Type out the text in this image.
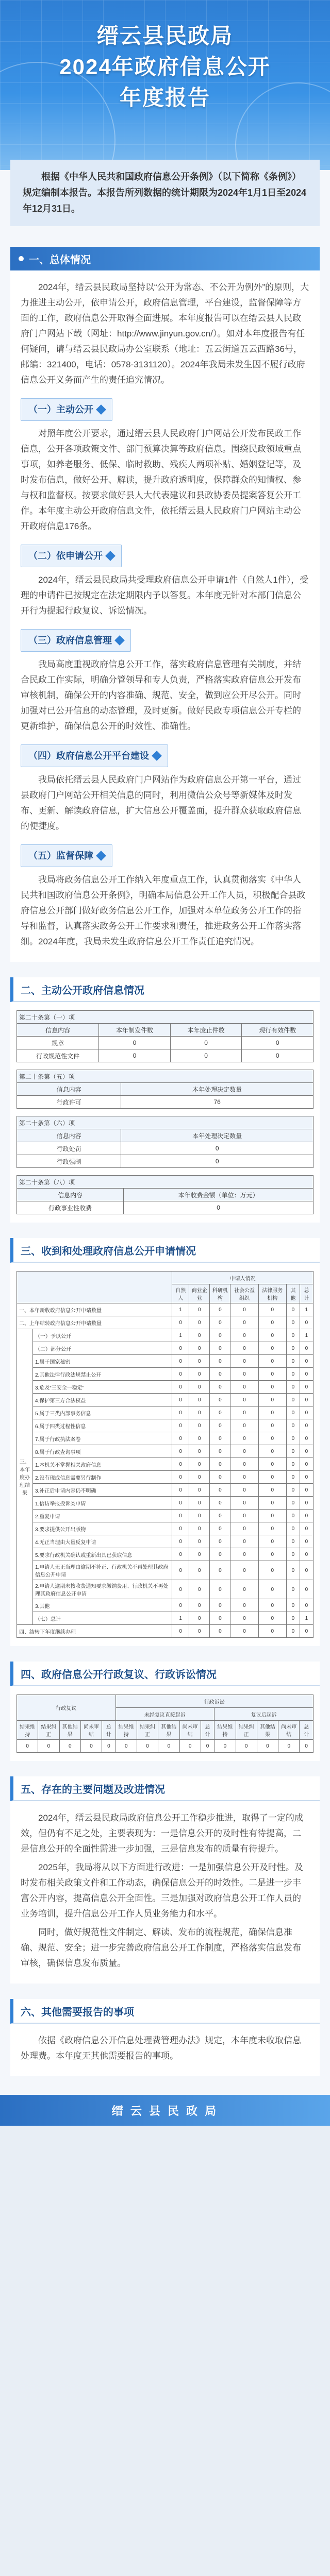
缙云县民政局
2024年政府信息公开
年度报告
根据《中华人民共和国政府信息公开条例》（以下简称《条例》）规定编制本报告。本报告所列数据的统计期限为2024年1月1日至2024年12月31日。
一、总体情况

2024年，缙云县民政局坚持以“公开为常态、不公开为例外”的原则，大力推进主动公开，依申请公开，政府信息管理，平台建设，监督保障等方面的工作，政府信息公开取得全面进展。本年度报告可以在缙云县人民政府门户网站下载（网址：http://www.jinyun.gov.cn/）。如对本年度报告有任何疑问，请与缙云县民政局办公室联系（地址：五云街道五云西路36号，邮编：321400，电话：0578-3131120）。2024年我局未发生因不履行政府信息公开义务而产生的责任追究情况。

（一）主动公开

对照年度公开要求，通过缙云县人民政府门户网站公开发布民政工作信息，公开各项政策文件、部门预算决算等政府信息。围绕民政领域重点事项，如养老服务、低保、临时救助、残疾人两项补贴、婚姻登记等，及时发布信息，做好公开、解读，提升政府透明度，保障群众的知情权、参与权和监督权。按要求做好县人大代表建议和县政协委员提案答复公开工作。本年度主动公开政府信息文件，依托缙云县人民政府门户网站主动公开政府信息176条。

（二）依申请公开

2024年，缙云县民政局共受理政府信息公开申请1件（自然人1件），受理的申请件已按规定在法定期限内予以答复。本年度无针对本部门信息公开行为提起行政复议、诉讼情况。

（三）政府信息管理

我局高度重视政府信息公开工作，落实政府信息管理有关制度，并结合民政工作实际，明确分管领导和专人负责，严格落实政府信息公开发布审核机制，确保公开的内容准确、规范、安全，做到应公开尽公开。同时加强对已公开信息的动态管理，及时更新。做好民政专项信息公开专栏的更新维护，确保信息公开的时效性、准确性。

（四）政府信息公开平台建设

我局依托缙云县人民政府门户网站作为政府信息公开第一平台，通过县政府门户网站公开相关信息的同时，利用微信公众号等新媒体及时发布、更新、解读政府信息，扩大信息公开覆盖面，提升群众获取政府信息的便捷度。

（五）监督保障

我局将政务信息公开工作纳入年度重点工作，认真贯彻落实《中华人民共和国政府信息公开条例》，明确本局信息公开工作人员，积极配合县政府信息公开部门做好政务信息公开工作，加强对本单位政务公开工作的指导和监督，认真落实政务公开工作要求和责任，推进政务公开工作落实落细。2024年度，我局未发生政府信息公开工作责任追究情况。

二、主动公开政府信息情况
第二十条第（一）项			
信息内容	本年制发件数	本年废止件数	现行有效件数
规章	0	0	0
行政规范性文件	0	0	0
第二十条第（五）项	
信息内容	本年处理决定数量
行政许可	76
第二十条第（六）项	
信息内容	本年处理决定数量
行政处罚	0
行政强制	0
第二十条第（八）项	
信息内容	本年收费金额（单位：万元）
行政事业性收费	0
三、收到和处理政府信息公开申请情况
		申请人情况						
		自然人	商业企业	科研机构	社会公益组织	法律服务机构	其他	总计
一、本年新收政府信息公开申请数量		1	0	0	0	0	0	1
二、上年结转政府信息公开申请数量		0	0	0	0	0	0	0
三、本年度办理结果	（一）予以公开	1	0	0	0	0	0	1
	（二）部分公开	0	0	0	0	0	0	0
	1.属于国家秘密	0	0	0	0	0	0	0
	2.其他法律行政法规禁止公开	0	0	0	0	0	0	0
	3.危及“三安全一稳定”	0	0	0	0	0	0	0
	4.保护第三方合法权益	0	0	0	0	0	0	0
	5.属于三类内部事务信息	0	0	0	0	0	0	0
	6.属于四类过程性信息	0	0	0	0	0	0	0
	7.属于行政执法案卷	0	0	0	0	0	0	0
	8.属于行政查询事项	0	0	0	0	0	0	0
	1.本机关不掌握相关政府信息	0	0	0	0	0	0	0
	2.没有现成信息需要另行制作	0	0	0	0	0	0	0
	3.补正后申请内容仍不明确	0	0	0	0	0	0	0
	1.信访举报投诉类申请	0	0	0	0	0	0	0
	2.重复申请	0	0	0	0	0	0	0
	3.要求提供公开出版物	0	0	0	0	0	0	0
	4.无正当理由大量反复申请	0	0	0	0	0	0	0
	5.要求行政机关确认或重新出具已获取信息	0	0	0	0	0	0	0
	1.申请人无正当理由逾期不补正、行政机关不再处理其政府信息公开申请	0	0	0	0	0	0	0
	2.申请人逾期未按收费通知要求缴纳费用、行政机关不再处理其政府信息公开申请	0	0	0	0	0	0	0
	3.其他	0	0	0	0	0	0	0
	（七）总计	1	0	0	0	0	0	1
四、结转下年度继续办理		0	0	0	0	0	0	0
四、政府信息公开行政复议、行政诉讼情况
行政复议					行政诉讼									
					未经复议直接起诉					复议后起诉				
结果维持	结果纠正	其他结果	尚未审结	总计	结果维持	结果纠正	其他结果	尚未审结	总计	结果维持	结果纠正	其他结果	尚未审结	总计
0	0	0	0	0	0	0	0	0	0	0	0	0	0	0
五、存在的主要问题及改进情况

2024年，缙云县民政局政府信息公开工作稳步推进，取得了一定的成效，但仍有不足之处，主要表现为：一是信息公开的及时性有待提高，二是信息公开的全面性需进一步加强，三是信息发布的质量有待提升。

2025年，我局将从以下方面进行改进：一是加强信息公开及时性。及时发布相关政策文件和工作动态，确保信息公开的时效性。二是进一步丰富公开内容，提高信息公开全面性。三是加强对政府信息公开工作人员的业务培训，提升信息公开工作人员业务能力和水平。

同时，做好规范性文件制定、解读、发布的流程规范，确保信息准确、规范、安全；进一步完善政府信息公开工作制度，严格落实信息发布审核，确保信息发布质量。

六、其他需要报告的事项

依据《政府信息公开信息处理费管理办法》规定，本年度未收取信息处理费。本年度无其他需要报告的事项。

缙 云 县 民 政 局
